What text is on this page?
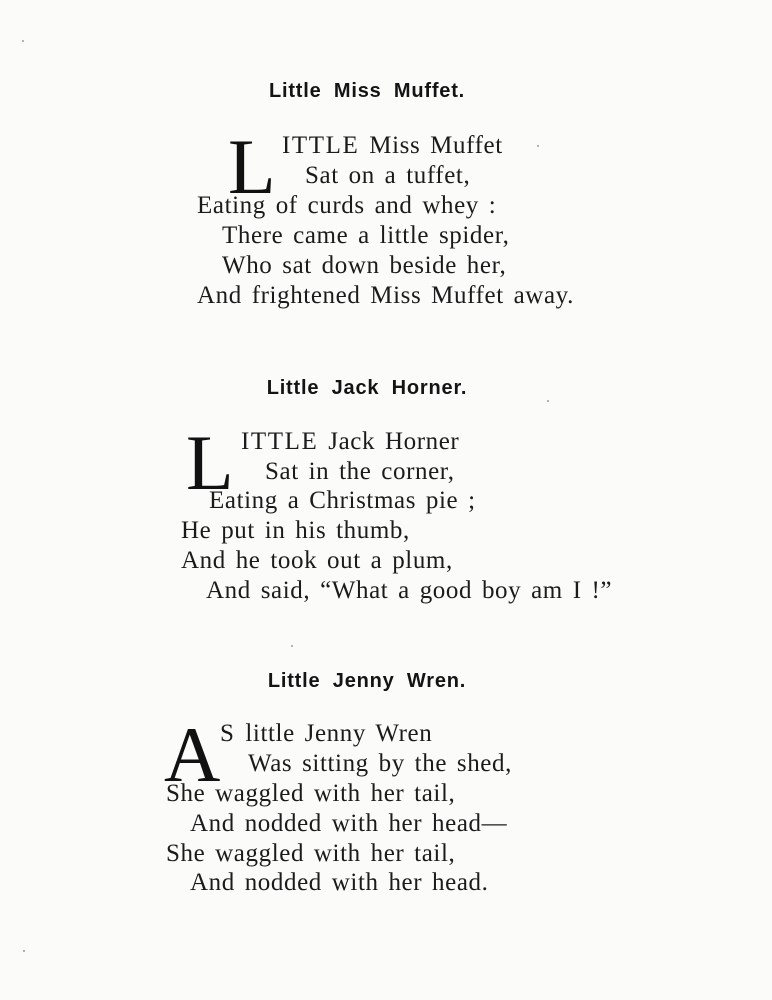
Little Miss Muffet.
L ITTLE Miss Muffet
Sat on a tuffet,
Eating of curds and whey :
There came a little spider,
Who sat down beside her,
And frightened Miss Muffet away.
Little Jack Horner.
L ITTLE Jack Horner
Sat in the corner,
Eating a Christmas pie ;
He put in his thumb,
And he took out a plum,
And said, “What a good boy am I !”
Little Jenny Wren.
A S little Jenny Wren
Was sitting by the shed,
She waggled with her tail,
And nodded with her head—
She waggled with her tail,
And nodded with her head.
